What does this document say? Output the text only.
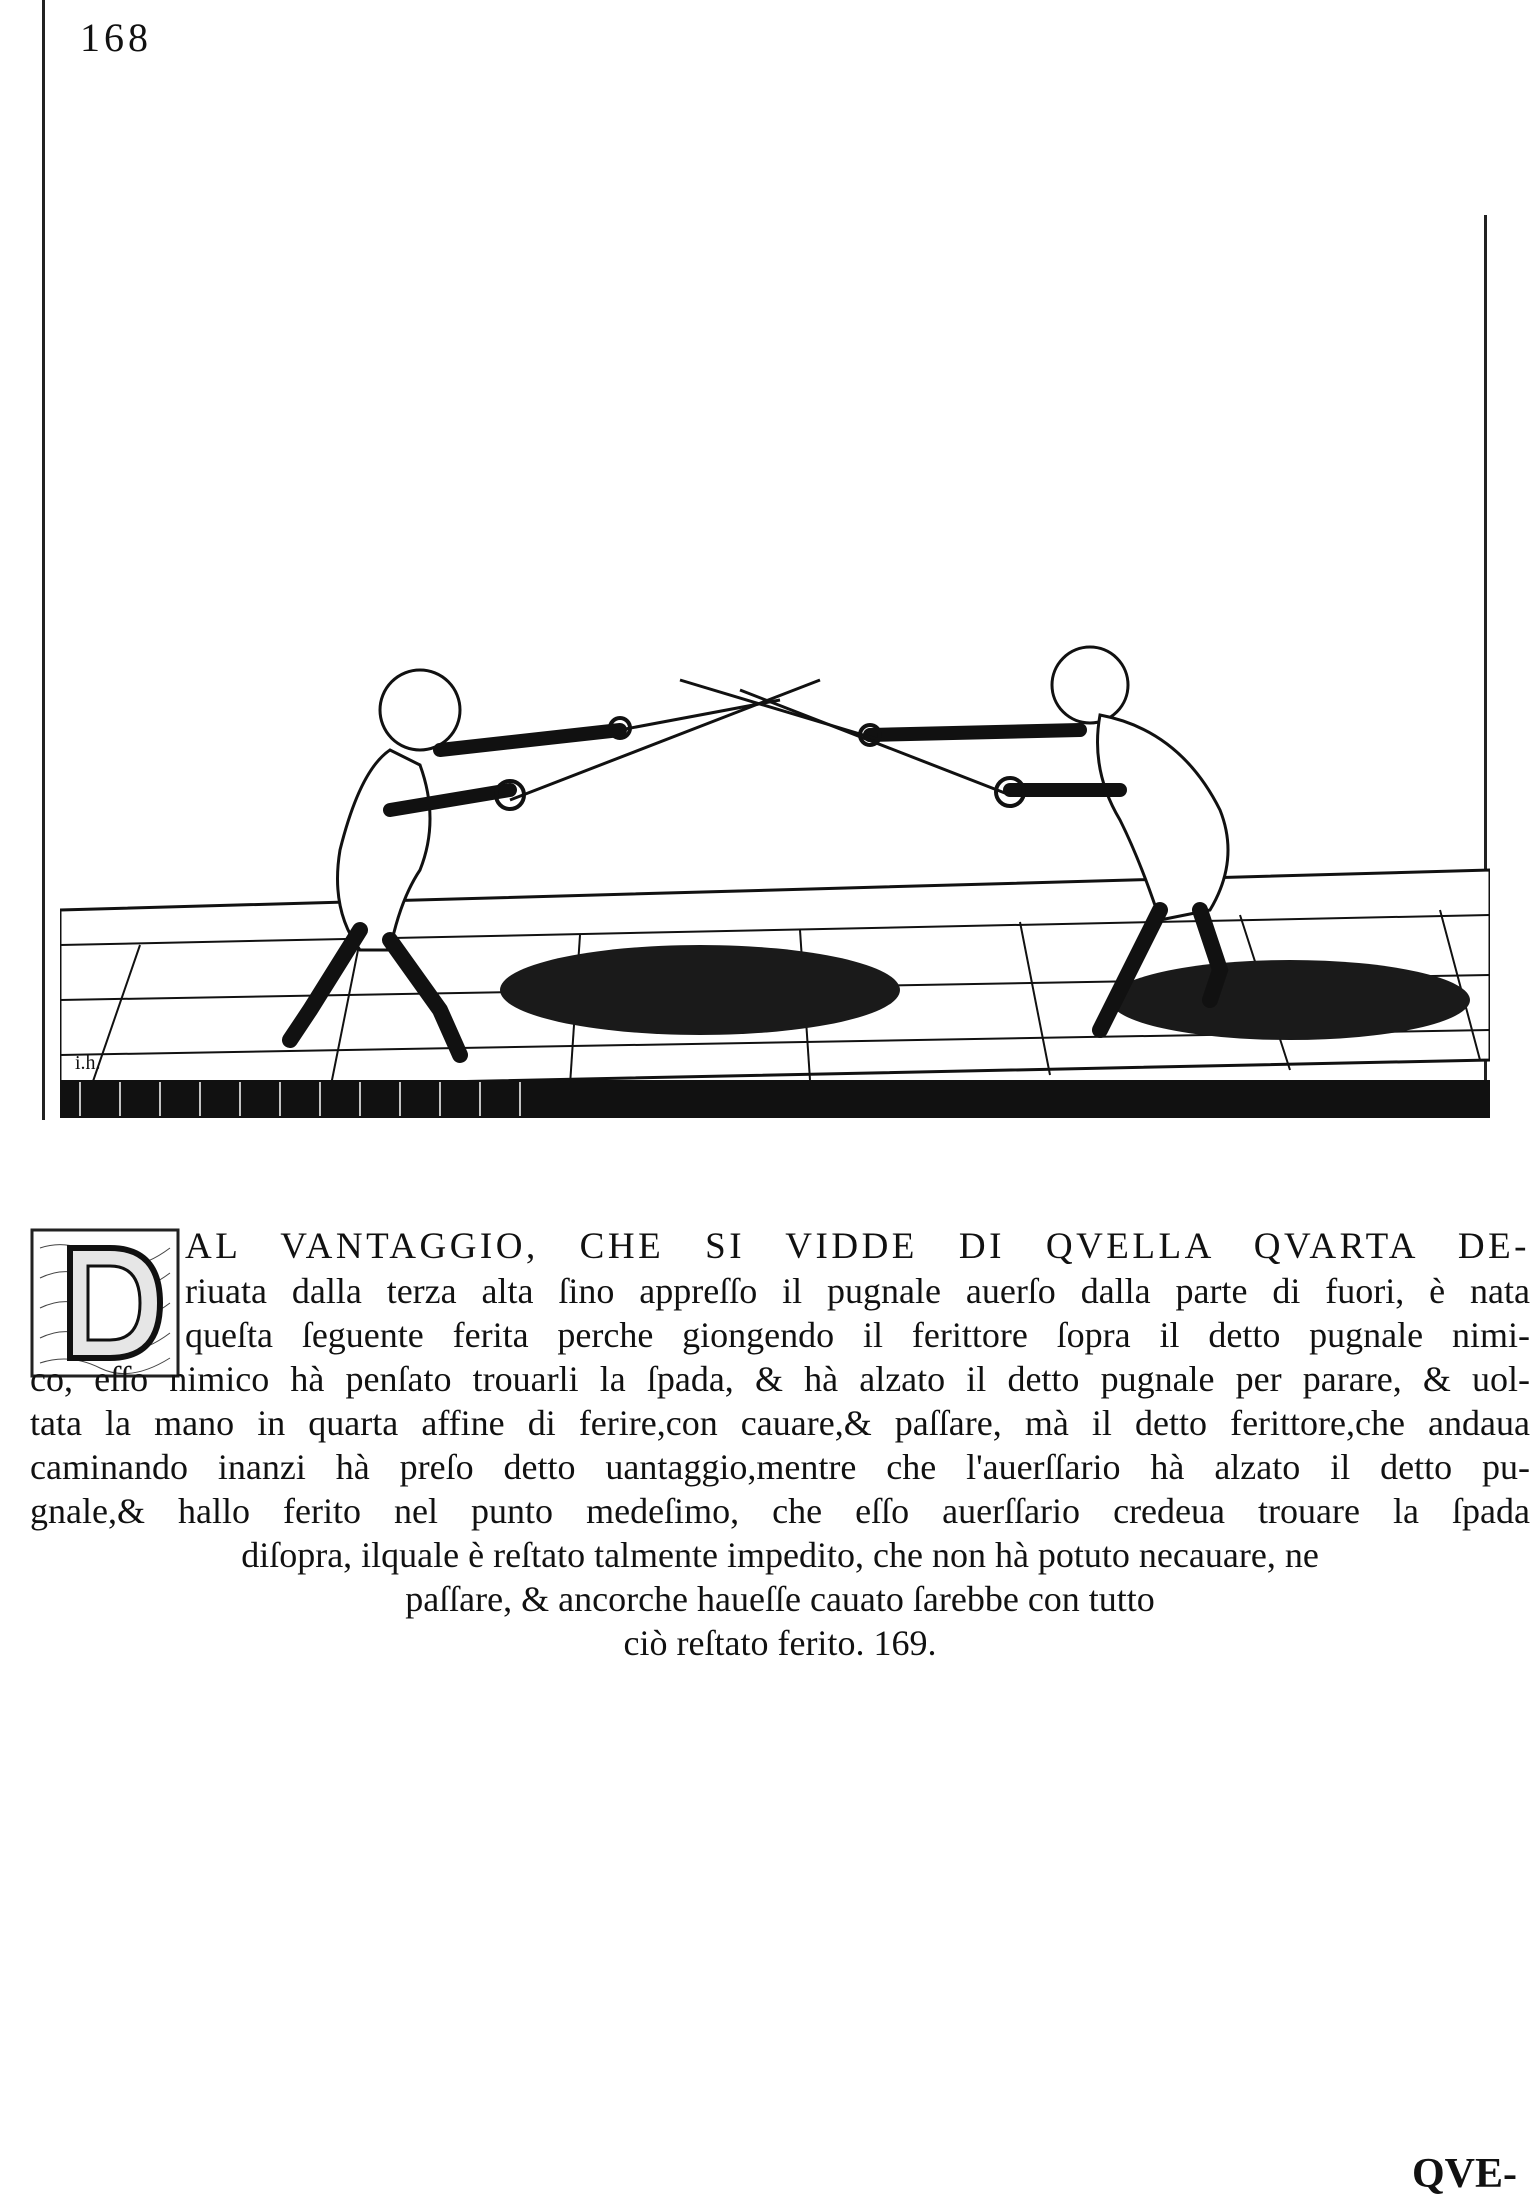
168
i.h.
AL VANTAGGIO, CHE SI VIDDE DI QVELLA QVARTA DE-
riuata dalla terza alta ſino appreſſo il pugnale auerſo dalla parte di fuori, è nata
queſta ſeguente ferita perche giongendo il ferittore ſopra il detto pugnale nimi-
co, eſſo nimico hà penſato trouarli la ſpada, & hà alzato il detto pugnale per parare, & uol-
tata la mano in quarta affine di ferire,con cauare,& paſſare, mà il detto ferittore,che andaua
caminando inanzi hà preſo detto uantaggio,mentre che l'auerſſario hà alzato il detto pu-
gnale,& hallo ferito nel punto medeſimo, che eſſo auerſſario credeua trouare la ſpada
diſopra, ilquale è reſtato talmente impedito, che non hà potuto necauare, ne
paſſare, & ancorche haueſſe cauato ſarebbe con tutto
ciò reſtato ferito. 169.
QVE-
